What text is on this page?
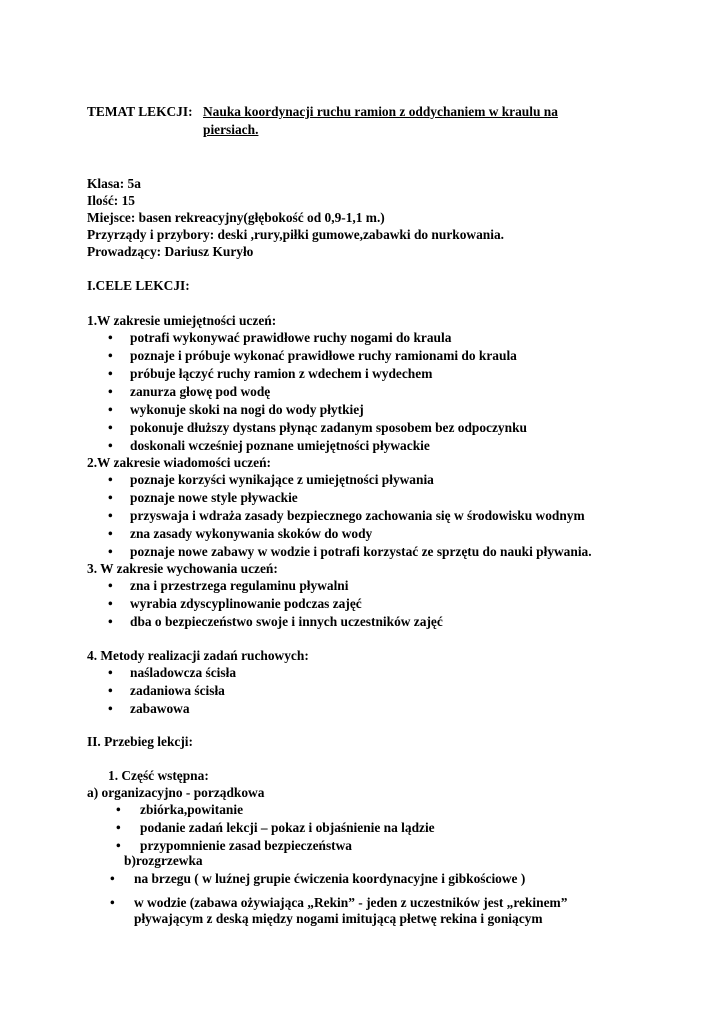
TEMAT LEKCJI: Nauka koordynacji ruchu ramion z oddychaniem w kraulu na
piersiach.
Klasa: 5a
Ilość: 15
Miejsce: basen rekreacyjny(głębokość od 0,9-1,1 m.)
Przyrządy i przybory: deski ,rury,piłki gumowe,zabawki do nurkowania.
Prowadzący: Dariusz Kuryło
I.CELE LEKCJI:
1.W zakresie umiejętności uczeń:
• potrafi wykonywać prawidłowe ruchy nogami do kraula
• poznaje i próbuje wykonać prawidłowe ruchy ramionami do kraula
• próbuje łączyć ruchy ramion z wdechem i wydechem
• zanurza głowę pod wodę
• wykonuje skoki na nogi do wody płytkiej
• pokonuje dłuższy dystans płynąc zadanym sposobem bez odpoczynku
• doskonali wcześniej poznane umiejętności pływackie
2.W zakresie wiadomości uczeń:
• poznaje korzyści wynikające z umiejętności pływania
• poznaje nowe style pływackie
• przyswaja i wdraża zasady bezpiecznego zachowania się w środowisku wodnym
• zna zasady wykonywania skoków do wody
• poznaje nowe zabawy w wodzie i potrafi korzystać ze sprzętu do nauki pływania.
3. W zakresie wychowania uczeń:
• zna i przestrzega regulaminu pływalni
• wyrabia zdyscyplinowanie podczas zajęć
• dba o bezpieczeństwo swoje i innych uczestników zajęć
4. Metody realizacji zadań ruchowych:
• naśladowcza ścisła
• zadaniowa ścisła
• zabawowa
II. Przebieg lekcji:
1. Część wstępna:
a) organizacyjno - porządkowa
• zbiórka,powitanie
• podanie zadań lekcji – pokaz i objaśnienie na lądzie
• przypomnienie zasad bezpieczeństwa
b)rozgrzewka
• na brzegu ( w luźnej grupie ćwiczenia koordynacyjne i gibkościowe )
• w wodzie (zabawa ożywiająca „Rekin” - jeden z uczestników jest „rekinem”
pływającym z deską między nogami imitującą płetwę rekina i goniącym
